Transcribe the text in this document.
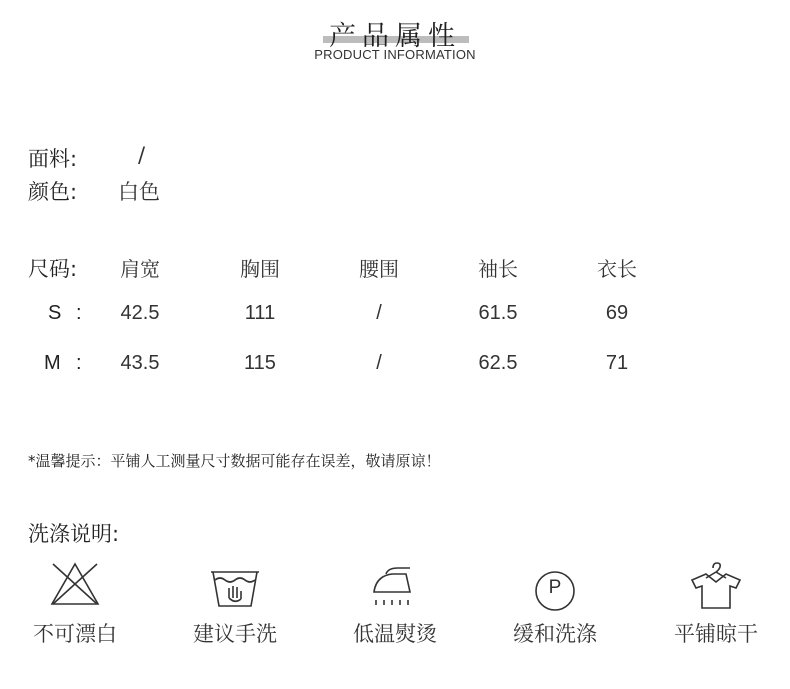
产品属性
PRODUCT INFORMATION
面料:	/
颜色: 白色
尺码:	肩宽	胸围	腰围	袖长	衣长
S :	42.5	111	/	61.5	69
M :	43.5	115	/	62.5	71
*温馨提示：平铺人工测量尺寸数据可能存在误差，敬请原谅！
洗涤说明:
P
不可漂白	建议手洗	低温熨烫	缓和洗涤	平铺晾干
